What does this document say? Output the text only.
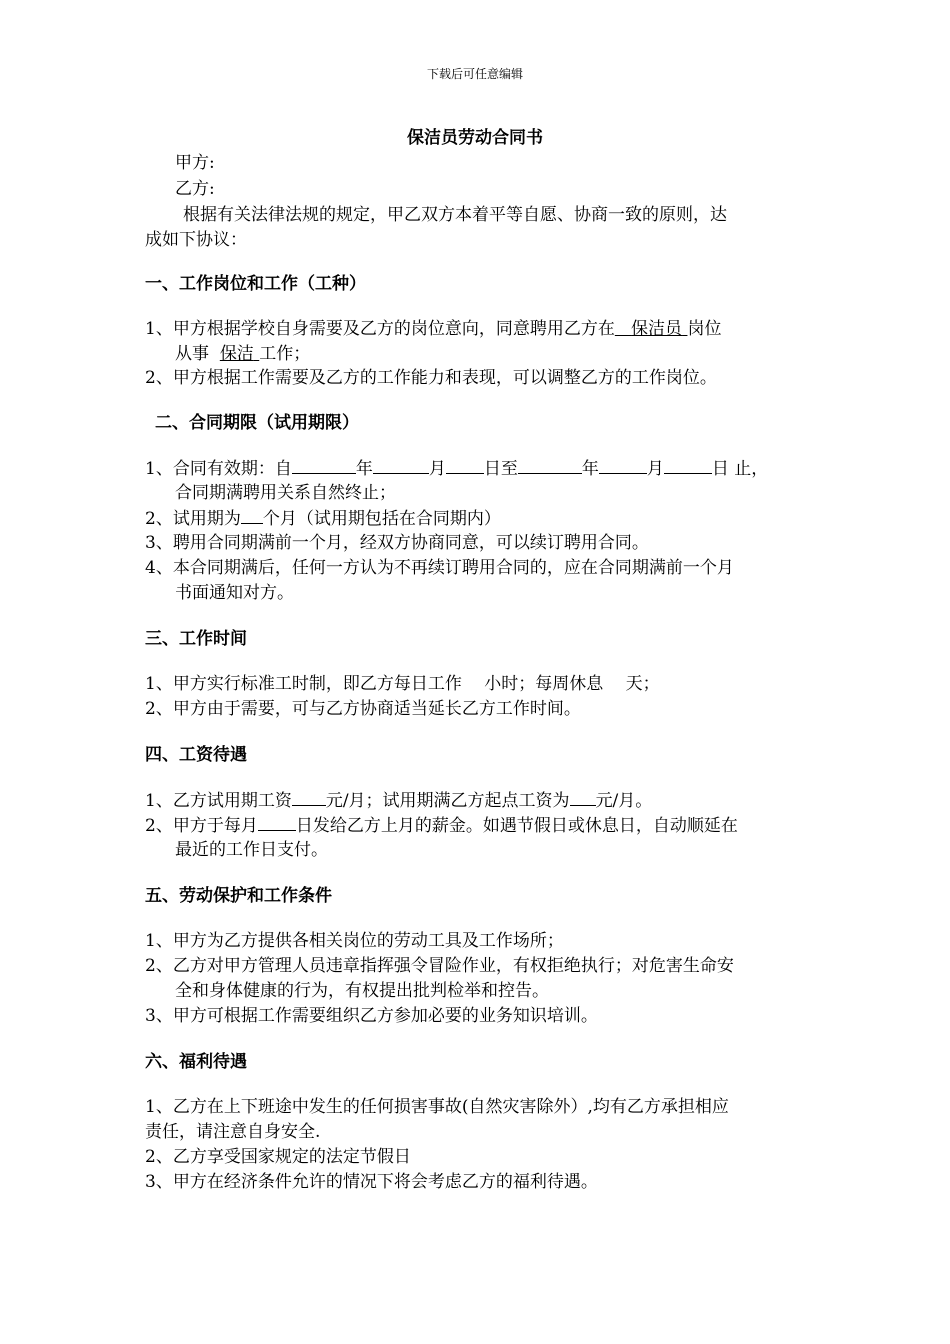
下载后可任意编辑
保洁员劳动合同书
甲方:
乙方:
根据有关法律法规的规定，甲乙双方本着平等自愿、协商一致的原则，达
成如下协议：
一、工作岗位和工作（工种）
1、甲方根据学校自身需要及乙方的岗位意向，同意聘用乙方在 保洁员 岗位
从事 保洁 工作；
2、甲方根据工作需要及乙方的工作能力和表现，可以调整乙方的工作岗位。
二、合同期限（试用期限）
1、合同有效期：自	年	月 日至	年	月	日 止，
合同期满聘用关系自然终止；
2、试用期为 个月（试用期包括在合同期内）
3、聘用合同期满前一个月，经双方协商同意，可以续订聘用合同。
4、本合同期满后，任何一方认为不再续订聘用合同的，应在合同期满前一个月
书面通知对方。
三、工作时间
1、甲方实行标准工时制，即乙方每日工作　 小时；每周休息　 天；
2、甲方由于需要，可与乙方协商适当延长乙方工作时间。
四、工资待遇
1、乙方试用期工资 元/月；试用期满乙方起点工资为 元/月。
2、甲方于每月 日发给乙方上月的薪金。如遇节假日或休息日，自动顺延在
最近的工作日支付。
五、劳动保护和工作条件
1、甲方为乙方提供各相关岗位的劳动工具及工作场所；
2、乙方对甲方管理人员违章指挥强令冒险作业，有权拒绝执行；对危害生命安
全和身体健康的行为，有权提出批判检举和控告。
3、甲方可根据工作需要组织乙方参加必要的业务知识培训。
六、福利待遇
1、乙方在上下班途中发生的任何损害事故(自然灾害除外）,均有乙方承担相应
责任，请注意自身安全.
2、乙方享受国家规定的法定节假日
3、甲方在经济条件允许的情况下将会考虑乙方的福利待遇。
